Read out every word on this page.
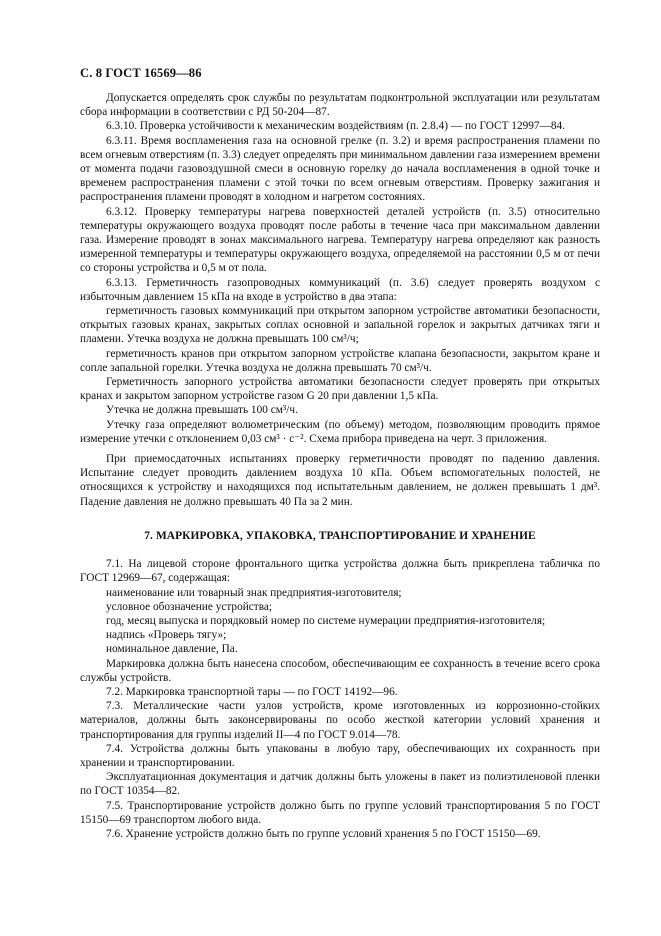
С. 8 ГОСТ 16569—86

Допускается определять срок службы по результатам подконтрольной эксплуатации или результатам сбора информации в соответствии с РД 50-204—87.

6.3.10. Проверка устойчивости к механическим воздействиям (п. 2.8.4) — по ГОСТ 12997—84.

6.3.11. Время воспламенения газа на основной грелке (п. 3.2) и время распространения пламени по всем огневым отверстиям (п. 3.3) следует определять при минимальном давлении газа измерением времени от момента подачи газовоздушной смеси в основную горелку до начала воспламенения в одной точке и временем распространения пламени с этой точки по всем огневым отверстиям. Проверку зажигания и распространения пламени проводят в холодном и нагретом состояниях.

6.3.12. Проверку температуры нагрева поверхностей деталей устройств (п. 3.5) относительно температуры окружающего воздуха проводят после работы в течение часа при максимальном давлении газа. Измерение проводят в зонах максимального нагрева. Температуру нагрева определяют как разность измеренной температуры и температуры окружающего воздуха, определяемой на расстоянии 0,5 м от печи со стороны устройства и 0,5 м от пола.

6.3.13. Герметичность газопроводных коммуникаций (п. 3.6) следует проверять воздухом с избыточным давлением 15 кПа на входе в устройство в два этапа:

герметичность газовых коммуникаций при открытом запорном устройстве автоматики безопасности, открытых газовых кранах, закрытых соплах основной и запальной горелок и закрытых датчиках тяги и пламени. Утечка воздуха не должна превышать 100 см³/ч;

герметичность кранов при открытом запорном устройстве клапана безопасности, закрытом кране и сопле запальной горелки. Утечка воздуха не должна превышать 70 см³/ч.

Герметичность запорного устройства автоматики безопасности следует проверять при открытых кранах и закрытом запорном устройстве газом G 20 при давлении 1,5 кПа.

Утечка не должна превышать 100 см³/ч.

Утечку газа определяют волюметрическим (по объему) методом, позволяющим проводить прямое измерение утечки с отклонением 0,03 см³ · с⁻². Схема прибора приведена на черт. 3 приложения.

При приемосдаточных испытаниях проверку герметичности проводят по падению давления. Испытание следует проводить давлением воздуха 10 кПа. Объем вспомогательных полостей, не относящихся к устройству и находящихся под испытательным давлением, не должен превышать 1 дм³. Падение давления не должно превышать 40 Па за 2 мин.

7. МАРКИРОВКА, УПАКОВКА, ТРАНСПОРТИРОВАНИЕ И ХРАНЕНИЕ

7.1. На лицевой стороне фронтального щитка устройства должна быть прикреплена табличка по ГОСТ 12969—67, содержащая:

наименование или товарный знак предприятия-изготовителя;

условное обозначение устройства;

год, месяц выпуска и порядковый номер по системе нумерации предприятия-изготовителя;

надпись «Проверь тягу»;

номинальное давление, Па.

Маркировка должна быть нанесена способом, обеспечивающим ее сохранность в течение всего срока службы устройств.

7.2. Маркировка транспортной тары — по ГОСТ 14192—96.

7.3. Металлические части узлов устройств, кроме изготовленных из коррозионно-стойких материалов, должны быть законсервированы по особо жесткой категории условий хранения и транспортирования для группы изделий II—4 по ГОСТ 9.014—78.

7.4. Устройства должны быть упакованы в любую тару, обеспечивающих их сохранность при хранении и транспортировании.

Эксплуатационная документация и датчик должны быть уложены в пакет из полиэтиленовой пленки по ГОСТ 10354—82.

7.5. Транспортирование устройств должно быть по группе условий транспортирования 5 по ГОСТ 15150—69 транспортом любого вида.

7.6. Хранение устройств должно быть по группе условий хранения 5 по ГОСТ 15150—69.
